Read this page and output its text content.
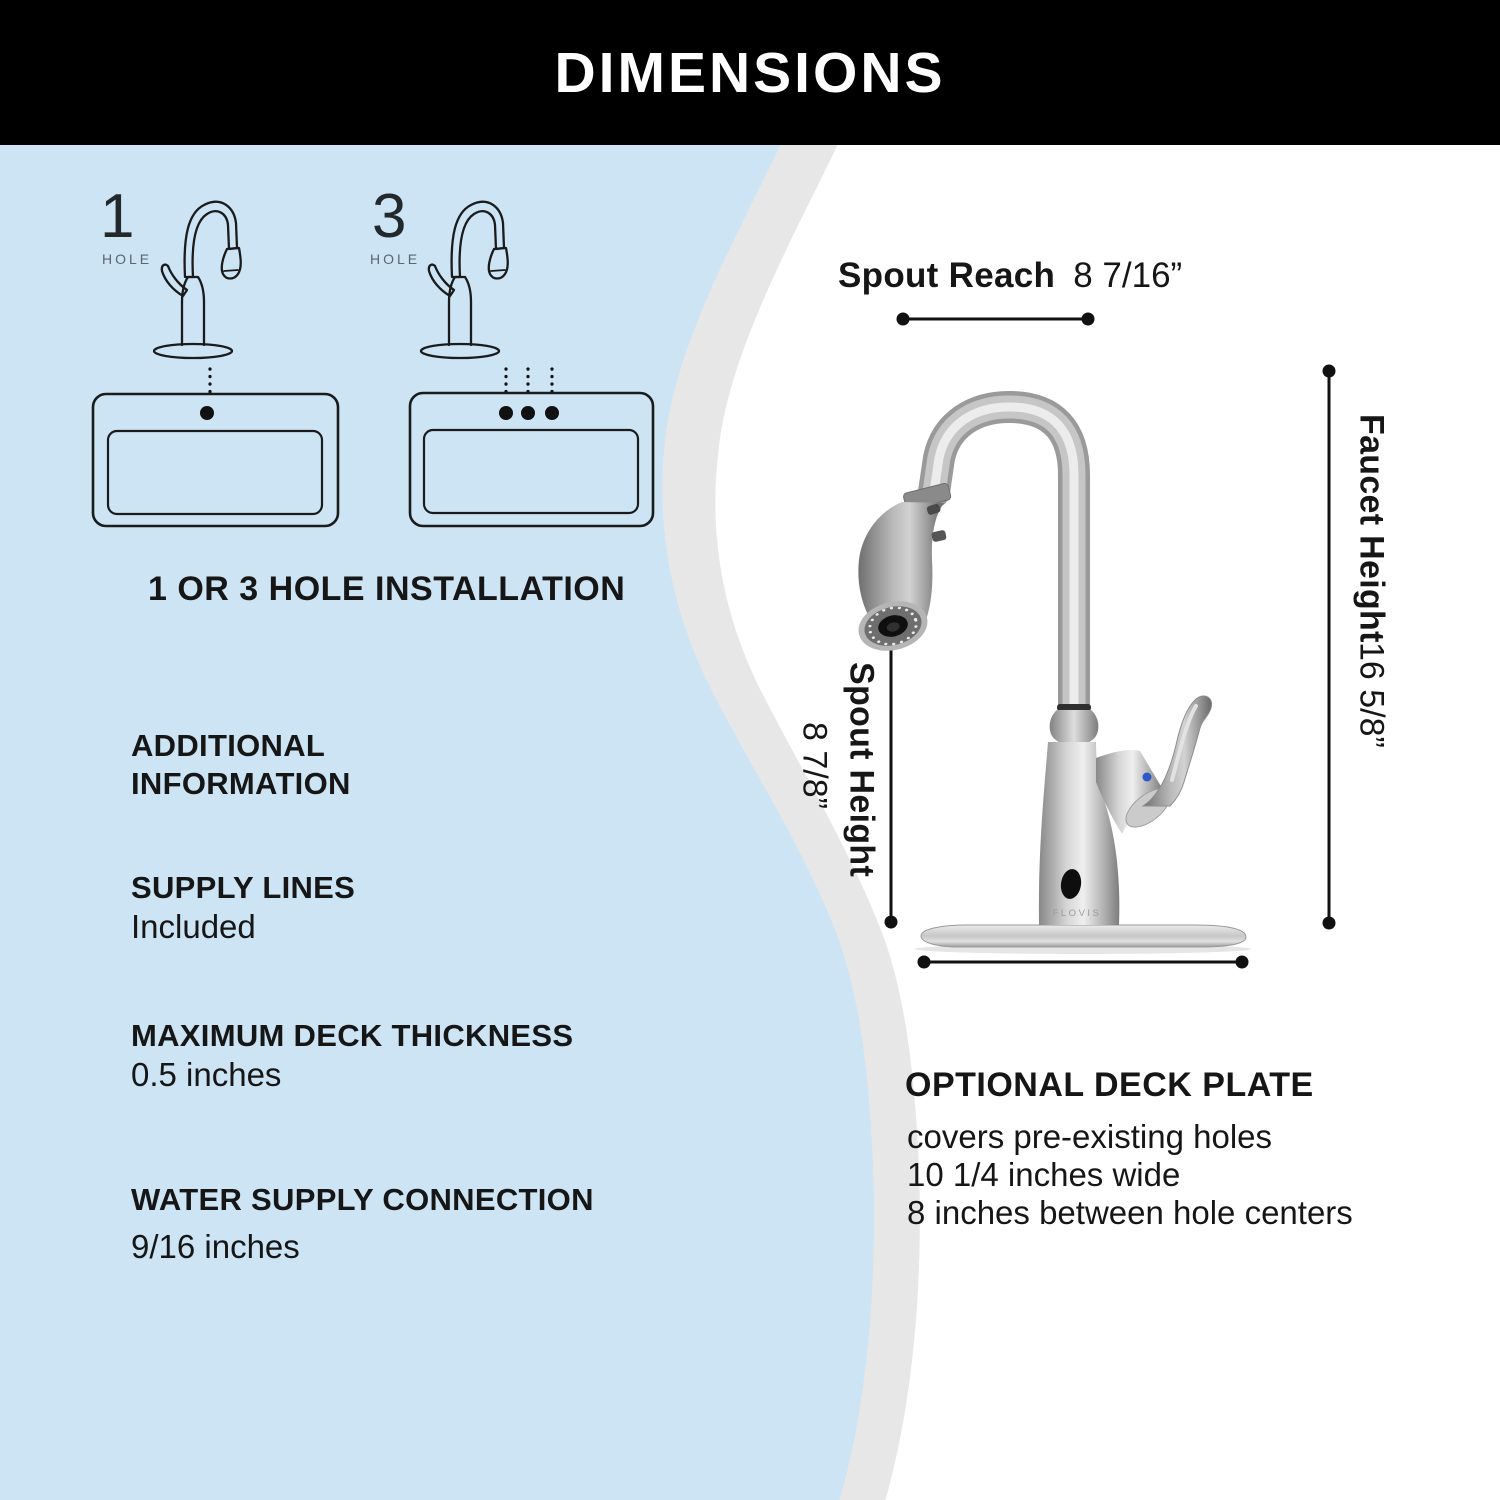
DIMENSIONS
1
HOLE
3
HOLE
1 OR 3 HOLE INSTALLATION
ADDITIONAL
INFORMATION
SUPPLY LINES
Included
MAXIMUM DECK THICKNESS
0.5 inches
WATER SUPPLY CONNECTION
9/16 inches
Spout Reach 8 7/16”
FLOVIS
Faucet Height
16 5/8”
Spout Height
8 7/8”
OPTIONAL DECK PLATE
covers pre-existing holes
10 1/4 inches wide
8 inches between hole centers
